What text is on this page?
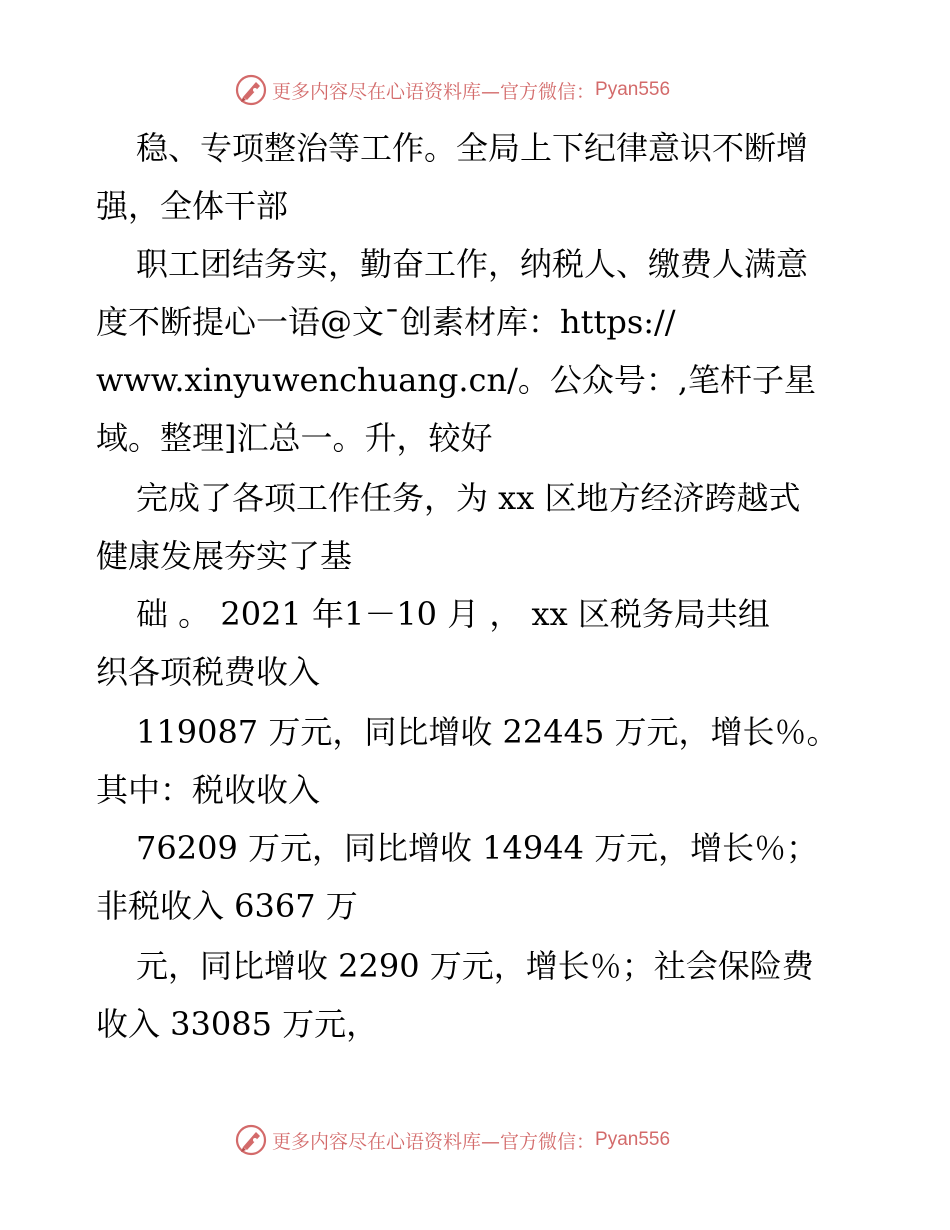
更多内容尽在心语资料库—官方微信： Pyan556
稳、专项整治等工作。全局上下纪律意识不断增
强，全体干部
职工团结务实，勤奋工作，纳税人、缴费人满意
度不断提心一语@文¯创素材库：https://
www.xinyuwenchuang.cn/。公众号：,笔杆子星
域。整理]汇总一。升，较好
完成了各项工作任务，为 xx 区地方经济跨越式
健康发展夯实了基
础 。 2021 年1－10 月 ， xx 区税务局共组
织各项税费收入
119087 万元，同比增收 22445 万元，增长％。
其中：税收收入
76209 万元，同比增收 14944 万元，增长％；
非税收入 6367 万
元，同比增收 2290 万元，增长％；社会保险费
收入 33085 万元，
更多内容尽在心语资料库—官方微信： Pyan556
